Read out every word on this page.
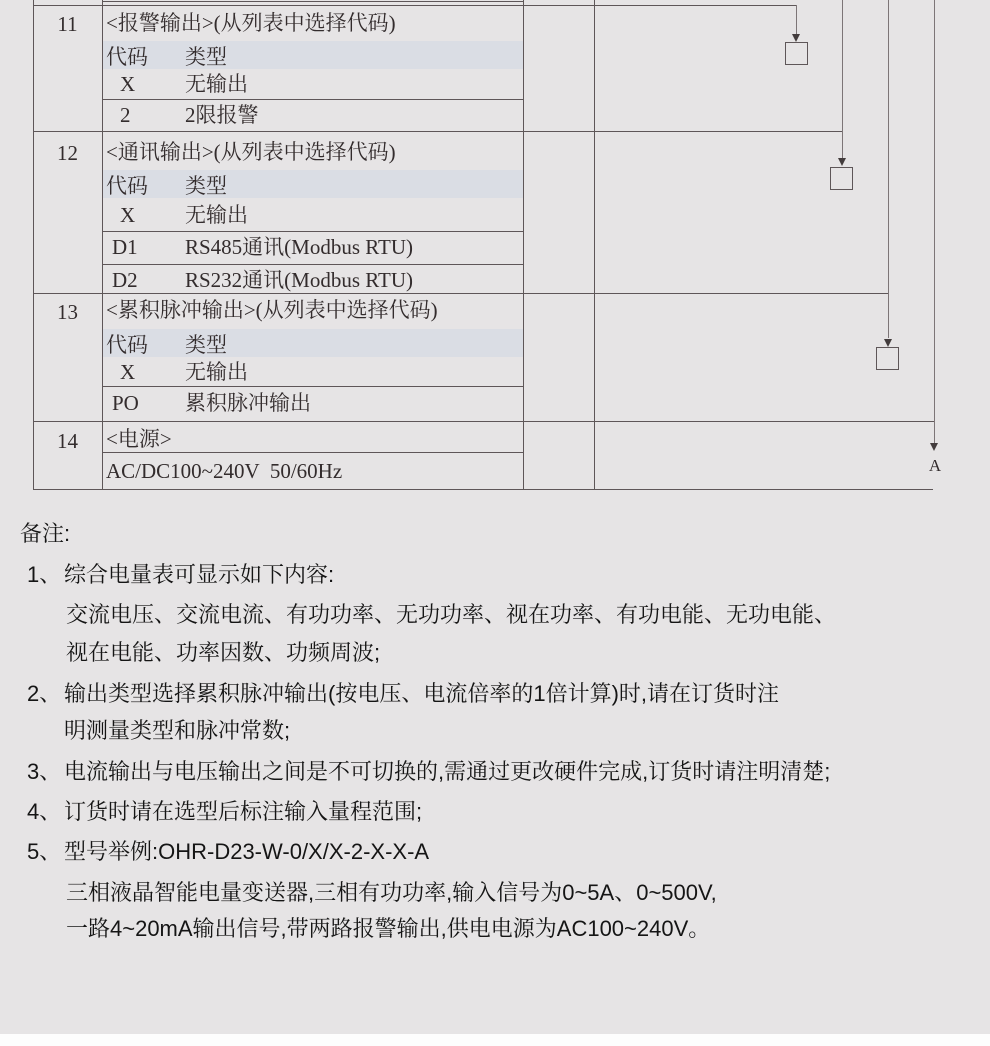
A
11	<报警输出>(从列表中选择代码)
代码 类型
X 无输出
2	2限报警
12	<通讯输出>(从列表中选择代码)
代码 类型
X 无输出
D1 RS485通讯(Modbus RTU)
D2 RS232通讯(Modbus RTU)
13	<累积脉冲输出>(从列表中选择代码)
代码 类型
X 无输出
PO 累积脉冲输出
14	<电源>
AC/DC100~240V  50/60Hz
备注:
1、 综合电量表可显示如下内容:
交流电压、交流电流、有功功率、无功功率、视在功率、有功电能、无功电能、
视在电能、功率因数、功频周波;
2、 输出类型选择累积脉冲输出(按电压、电流倍率的1倍计算)时,请在订货时注
明测量类型和脉冲常数;
3、 电流输出与电压输出之间是不可切换的,需通过更改硬件完成,订货时请注明清楚;
4、 订货时请在选型后标注输入量程范围;
5、 型号举例:OHR-D23-W-0/X/X-2-X-X-A
三相液晶智能电量变送器,三相有功功率,输入信号为0~5A、0~500V,
一路4~20mA输出信号,带两路报警输出,供电电源为AC100~240V。
